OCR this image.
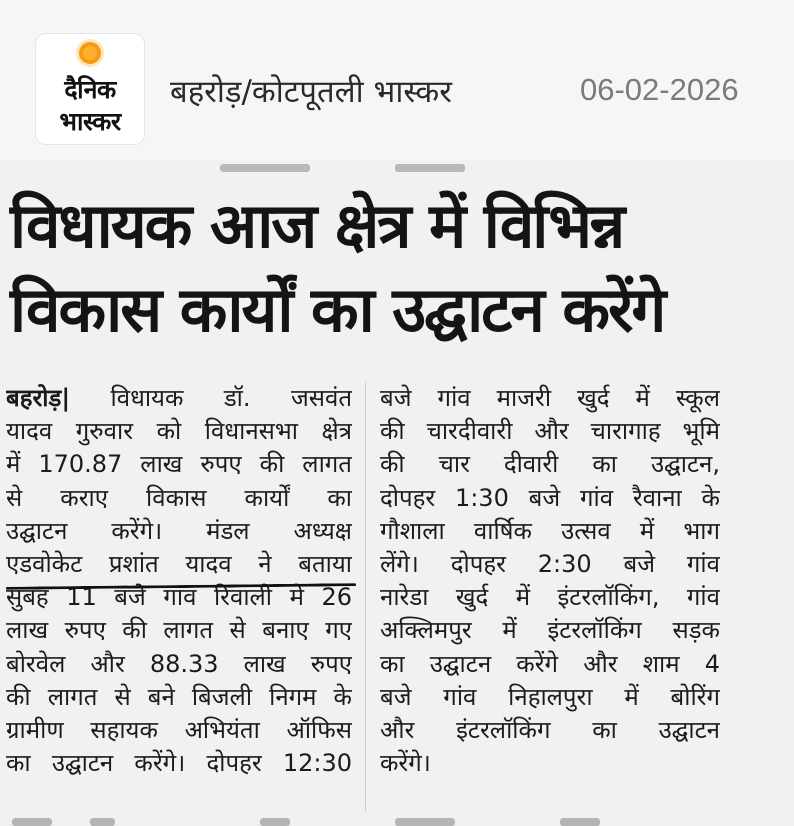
दैनिक
भास्कर
बहरोड़/कोटपूतली भास्कर	06-02-2026
विधायक आज क्षेत्र में विभिन्न
विकास कार्यों का उद्घाटन करेंगे
बहरोड़| विधायक डॉ. जसवंत
यादव गुरुवार को विधानसभा क्षेत्र
में 170.87 लाख रुपए की लागत
से कराए विकास कार्यों का
उद्घाटन करेंगे। मंडल अध्यक्ष
एडवोकेट प्रशांत यादव ने बताया
सुबह 11 बजे गांव रिवाली में 26
लाख रुपए की लागत से बनाए गए
बोरवेल और 88.33 लाख रुपए
की लागत से बने बिजली निगम के
ग्रामीण सहायक अभियंता ऑफिस
का उद्घाटन करेंगे। दोपहर 12:30
बजे गांव माजरी खुर्द में स्कूल
की चारदीवारी और चारागाह भूमि
की चार दीवारी का उद्घाटन,
दोपहर 1:30 बजे गांव रैवाना के
गौशाला वार्षिक उत्सव में भाग
लेंगे। दोपहर 2:30 बजे गांव
नारेडा खुर्द में इंटरलॉकिंग, गांव
अक्लिमपुर में इंटरलॉकिंग सड़क
का उद्घाटन करेंगे और शाम 4
बजे गांव निहालपुरा में बोरिंग
और इंटरलॉकिंग का उद्घाटन
करेंगे।
